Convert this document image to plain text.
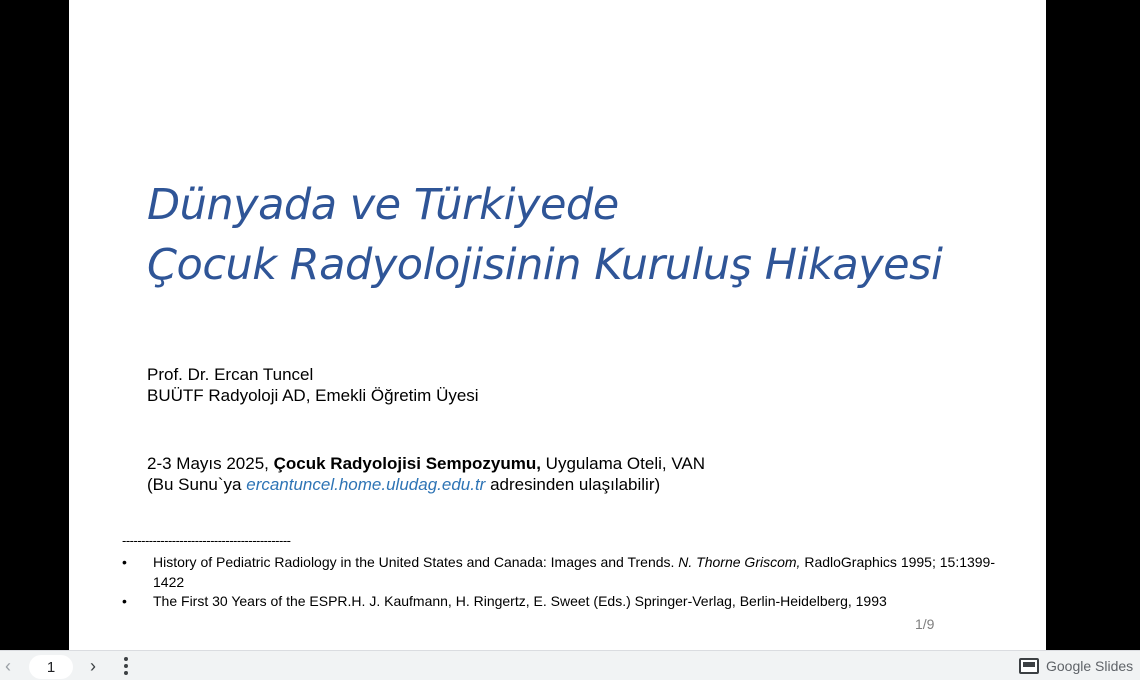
Dünyada ve Türkiyede
Çocuk Radyolojisinin Kuruluş Hikayesi
Prof. Dr. Ercan Tuncel
BUÜTF Radyoloji AD, Emekli Öğretim Üyesi
2-3 Mayıs 2025, Çocuk Radyolojisi Sempozyumu, Uygulama Oteli, VAN
(Bu Sunu`ya ercantuncel.home.uludag.edu.tr adresinden ulaşılabilir)
--------------------------------------------
•	History of Pediatric Radiology in the United States and Canada: Images and Trends. N. Thorne Griscom, RadloGraphics 1995; 15:1399-1422
•	The First 30 Years of the ESPR.H. J. Kaufmann, H. Ringertz, E. Sweet (Eds.) Springer-Verlag, Berlin-Heidelberg, 1993
1/9
‹	1	›	Google Slides
